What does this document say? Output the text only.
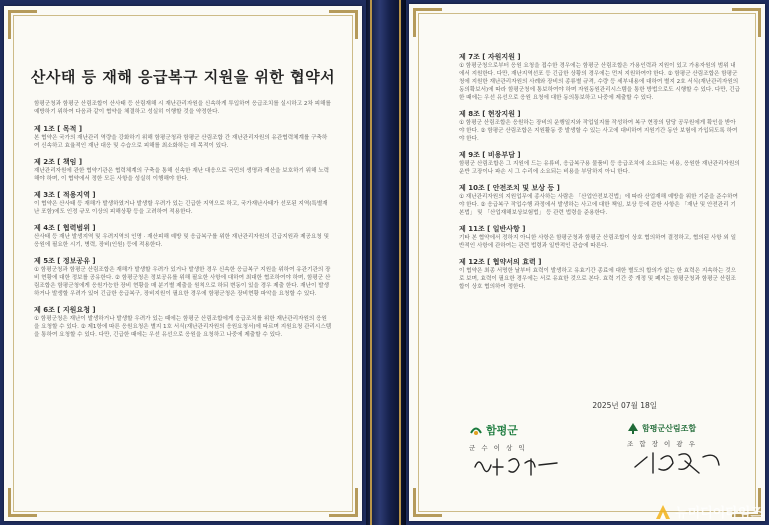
산사태 등 재해 응급복구 지원을 위한 협약서
함평군청과 함평군 산림조합이 산사태 등 산림재해 시 재난관리자원을 신속하게 투입하여 응급조치를 실시하고 2차 피해를 예방하기 위하여 다음과 같이 협약을 체결하고 성실히 이행할 것을 약정한다.
제 1조 [ 목적 ]
본 협약은 국가의 재난관리 역량을 강화하기 위해 함평군청과 함평군 산림조합 간 재난관리자원의 유관협력체계를 구축하여 신속하고 효율적인 재난 대응 및 수습으로 피해를 최소화하는 데 목적이 있다.
제 2조 [ 책임 ]
재난관리자원에 관한 협약기관은 협력체계의 구축을 통해 신속한 재난 대응으로 국민의 생명과 재산을 보호하기 위해 노력해야 하며, 이 협약에서 정한 모든 사항을 성실히 이행해야 한다.
제 3조 [ 적용지역 ]
이 협약은 산사태 등 재해가 발생하였거나 발생할 우려가 있는 긴급한 지역으로 하고, 국가재난사태가 선포된 지역(특별재난 포함)에도 인정 규모 이상의 피해상황 등을 고려하여 적용한다.
제 4조 [ 협력범위 ]
산사태 등 재난 발생지역 및 우려지역의 인명 · 재산피해 예방 및 응급복구를 위한 재난관리자원의 긴급지원과 제공요청 및 응원에 필요한 시기, 병력, 장비(인원) 등에 적용한다.
제 5조 [ 정보공유 ]
① 함평군청과 함평군 산림조합은 재해가 발생할 우려가 있거나 발생한 경우 신속한 응급복구 지원을 위하여 유관기관의 장비 현황에 대한 정보를 공유한다. ② 함평군청은 정보공유를 위해 필요한 사항에 대하여 최대한 협조하여야 하며, 함평군 산림조합은 함평군청에게 응원가능한 장비 현황을 매 분기별 제출을 원칙으로 하되 변동이 있을 경우 제출 한다. 재난이 발생하거나 발생할 우려가 있어 긴급한 응급복구, 장비지원이 필요한 경우에 함평군청은 장비현황 파악을 요청할 수 있다.
제 6조 [ 지원요청 ]
① 함평군청은 재난이 발생하거나 발생할 우려가 있는 때에는 함평군 산림조합에게 응급조치를 위한 재난관리자원의 응원을 요청할 수 있다. ② 제1항에 따른 응원요청은 별지 1호 서식(재난관리자원의 응원요청서)에 따르며 지원요청 관리시스템을 통하여 요청할 수 있다. 다만, 긴급한 때에는 우선 유선으로 응원을 요청하고 나중에 제출할 수 있다.
제 7조 [ 자원지원 ]
① 함평군청으로부터 응원 요청을 접수한 경우에는 함평군 산림조합은 가용인력과 지원이 있고 가용자원의 범위 내에서 지원한다. 다만, 재난지역선포 등 긴급한 상황의 경우에는 먼저 지원하여야 한다. ② 함평군 산림조합은 함평군청에 지원한 재난관리자원의 사례와 장비의 종류별 규격, 수량 등 세부내용에 대하여 별지 2호 서식(재난관리자원의 동의확보서)에 따라 함평군청에 통보하여야 하며 자원동원관리시스템을 통한 방법으로도 시행할 수 있다. 다만, 긴급한 때에는 우선 유선으로 응원 요청에 대한 동의통보하고 나중에 제출할 수 있다.
제 8조 [ 현장지원 ]
① 함평군 산림조합은 응원하는 장비의 운행일지와 작업일지를 작성하여 복구 현장의 담당 공무원에게 확인을 받아야 한다. ② 함평군 산림조합은 지원활동 중 발생할 수 있는 사고에 대비하여 지원기간 동안 보험에 가입되도록 하여야 한다.
제 9조 [ 비용부담 ]
함평군 산림조합은 그 지원에 드는 유류비, 응급복구용 물품비 등 응급조치에 소요되는 비용, 응원한 재난관리자원의 운반 고장이나 파손 시 그 수리에 소요되는 비용을 부담하지 아니 한다.
제 10조 [ 안전조치 및 보상 등 ]
① 재난관리자원의 지원업무에 종사하는 사람은 「산업안전보건법」에 따라 산업재해 예방을 위한 기준을 준수하여야 한다. ② 응급복구 작업수행 과정에서 발생하는 사고에 대한 책임, 보상 등에 관한 사항은 「재난 및 안전관리 기본법」 및 「산업재해보상보험법」 등 관련 법령을 준용한다.
제 11조 [ 일반사항 ]
기타 본 협약에서 정하지 아니한 사항은 함평군청과 함평군 산림조합이 상호 협의하여 결정하고, 협의된 사항 외 일반적인 사항에 관하여는 관련 법령과 일반적인 관습에 따른다.
제 12조 [ 협약서의 효력 ]
이 협약은 최종 서명한 날부터 효력이 발생하고 유효기간 종료에 대한 별도의 합의가 없는 한 효력은 지속하는 것으로 보며, 효력이 필요한 경우에는 서로 유효한 것으로 본다. 효력 기간 중 개정 및 폐지는 함평군청과 함평군 산림조합이 상호 협의하여 정한다.
2025년 07월 18일
함평군
군 수 이 상 익
함평군산림조합
조 합 장 이 광 우
뉴미디어타임즈
